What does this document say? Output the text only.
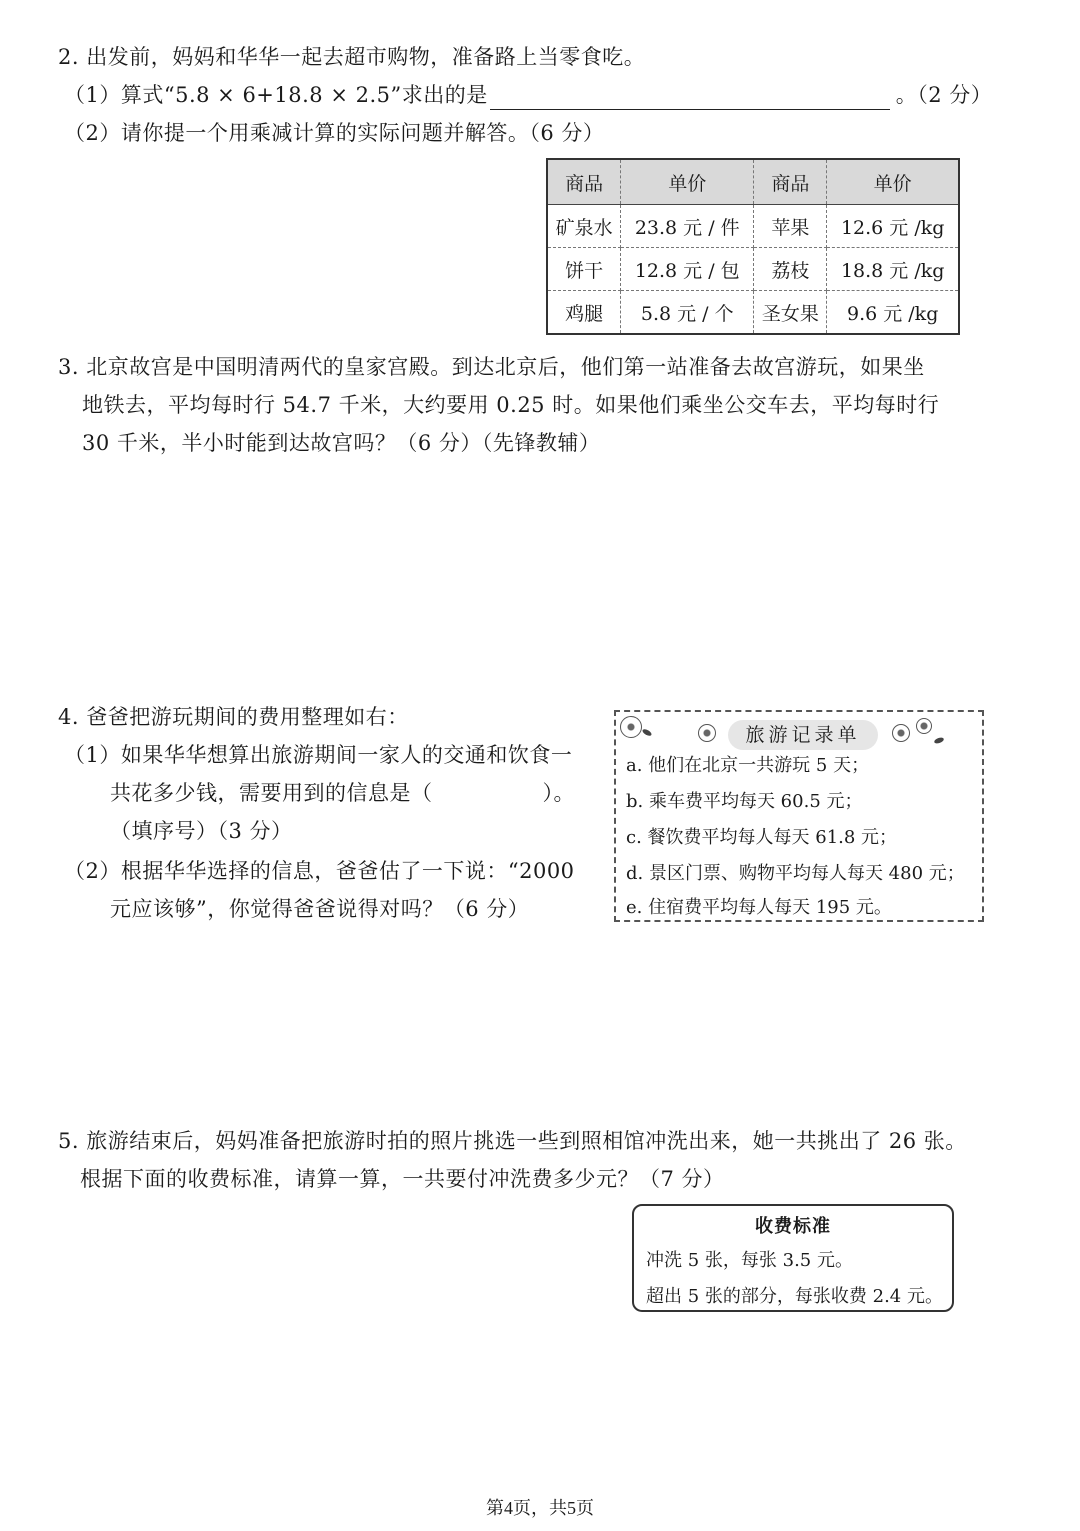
2. 出发前，妈妈和华华一起去超市购物，准备路上当零食吃。
（1）算式“5.8 × 6+18.8 × 2.5”求出的是	。（2 分）
（2）请你提一个用乘减计算的实际问题并解答。（6 分）
商品	单价	商品	单价
矿泉水	23.8 元 / 件	苹果	12.6 元 /kg
饼干	12.8 元 / 包	荔枝	18.8 元 /kg
鸡腿	5.8 元 / 个	圣女果	9.6 元 /kg
3. 北京故宫是中国明清两代的皇家宫殿。到达北京后，他们第一站准备去故宫游玩，如果坐
地铁去，平均每时行 54.7 千米，大约要用 0.25 时。如果他们乘坐公交车去，平均每时行
30 千米，半小时能到达故宫吗？（6 分）（先锋教辅）
4. 爸爸把游玩期间的费用整理如右：
（1）如果华华想算出旅游期间一家人的交通和饮食一
共花多少钱，需要用到的信息是（	）。
（填序号）（3 分）
（2）根据华华选择的信息，爸爸估了一下说：“2000
元应该够”，你觉得爸爸说得对吗？（6 分）
旅游记录单
a. 他们在北京一共游玩 5 天；
b. 乘车费平均每天 60.5 元；
c. 餐饮费平均每人每天 61.8 元；
d. 景区门票、购物平均每人每天 480 元；
e. 住宿费平均每人每天 195 元。
5. 旅游结束后，妈妈准备把旅游时拍的照片挑选一些到照相馆冲洗出来，她一共挑出了 26 张。
根据下面的收费标准，请算一算，一共要付冲洗费多少元？（7 分）
收费标准
冲洗 5 张，每张 3.5 元。
超出 5 张的部分，每张收费 2.4 元。
第4页，共5页
